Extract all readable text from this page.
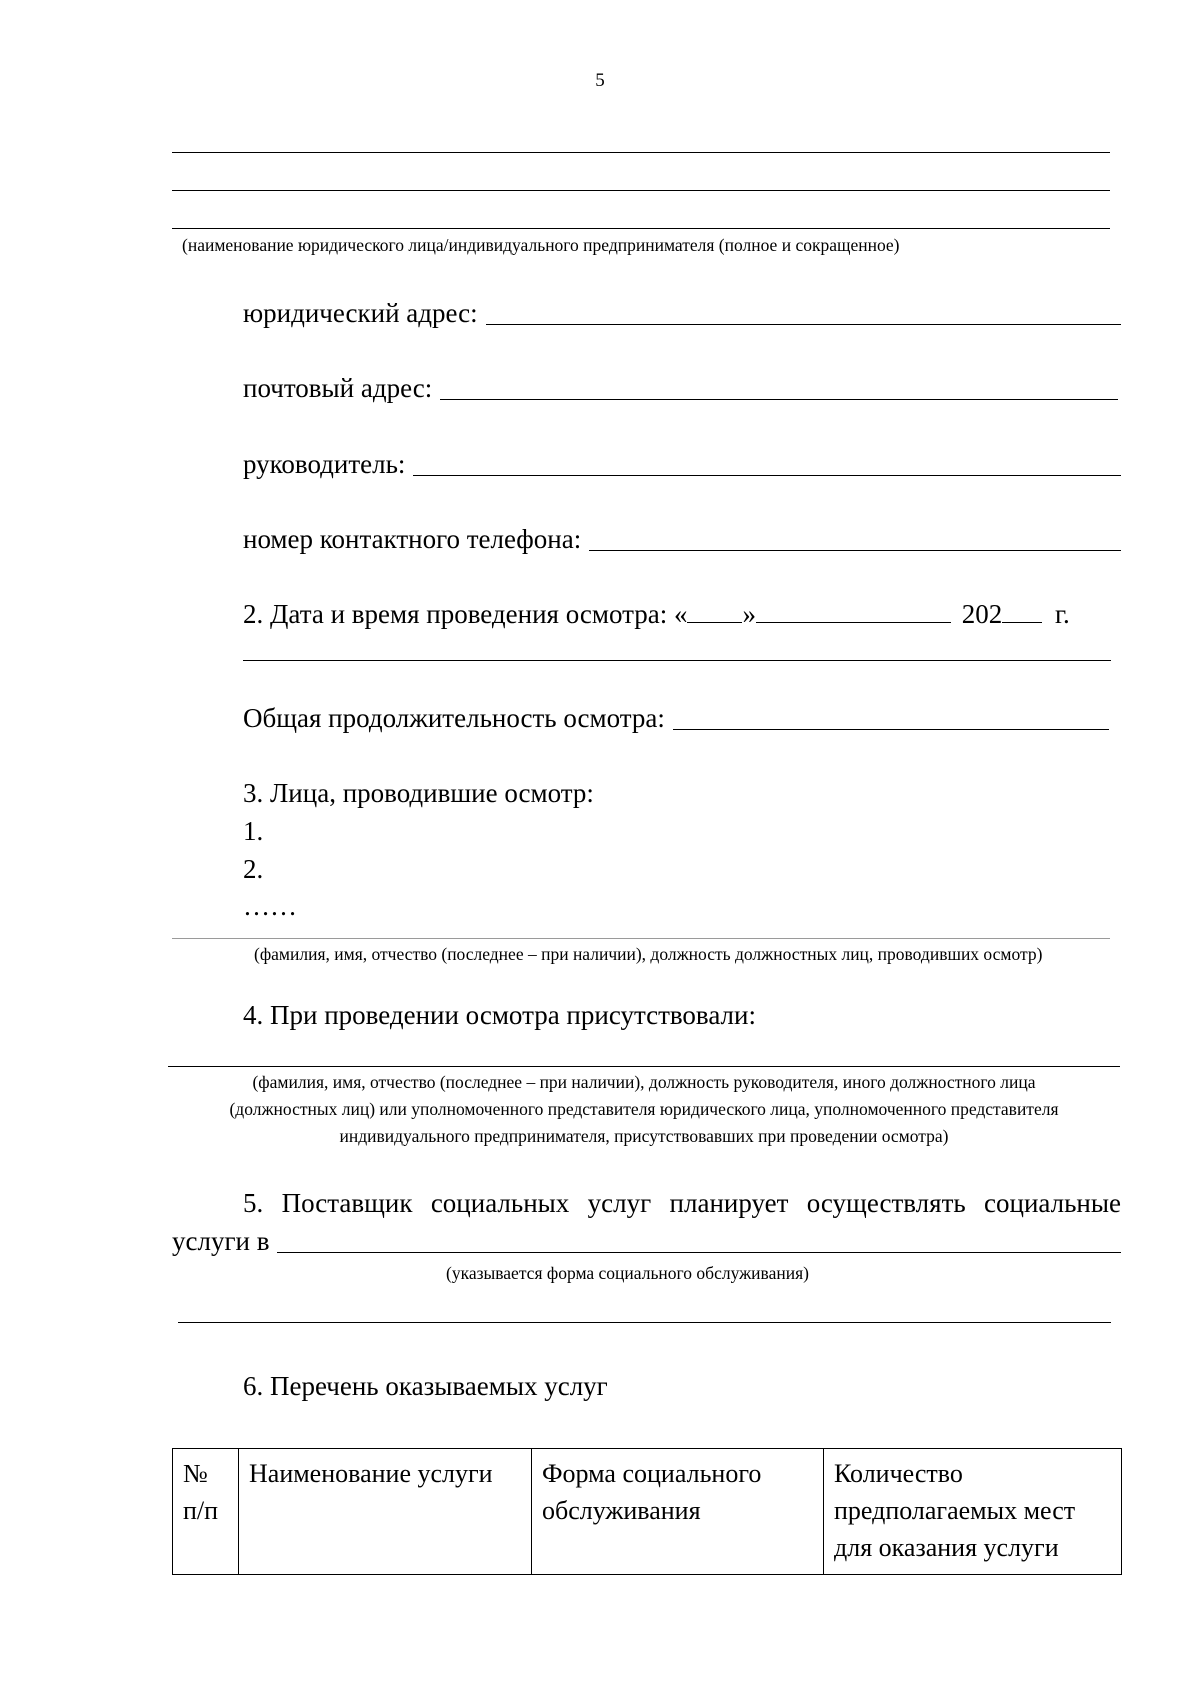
5
(наименование юридического лица/индивидуального предпринимателя (полное и сокращенное)
юридический адрес:
почтовый адрес:
руководитель:
номер контактного телефона:
2. Дата и время проведения осмотра: « »	202 г.
Общая продолжительность осмотра:
3. Лица, проводившие осмотр:
1.
2.
……
(фамилия, имя, отчество (последнее – при наличии), должность должностных лиц, проводивших осмотр)
4. При проведении осмотра присутствовали:
(фамилия, имя, отчество (последнее – при наличии), должность руководителя, иного должностного лица
(должностных лиц) или уполномоченного представителя юридического лица, уполномоченного представителя
индивидуального предпринимателя, присутствовавших при проведении осмотра)
5. Поставщик социальных услуг планирует осуществлять социальные
услуги в
(указывается форма социального обслуживания)
6. Перечень оказываемых услуг
№ п/п	Наименование услуги	Форма социального обслуживания	Количество предполагаемых мест для оказания услуги
